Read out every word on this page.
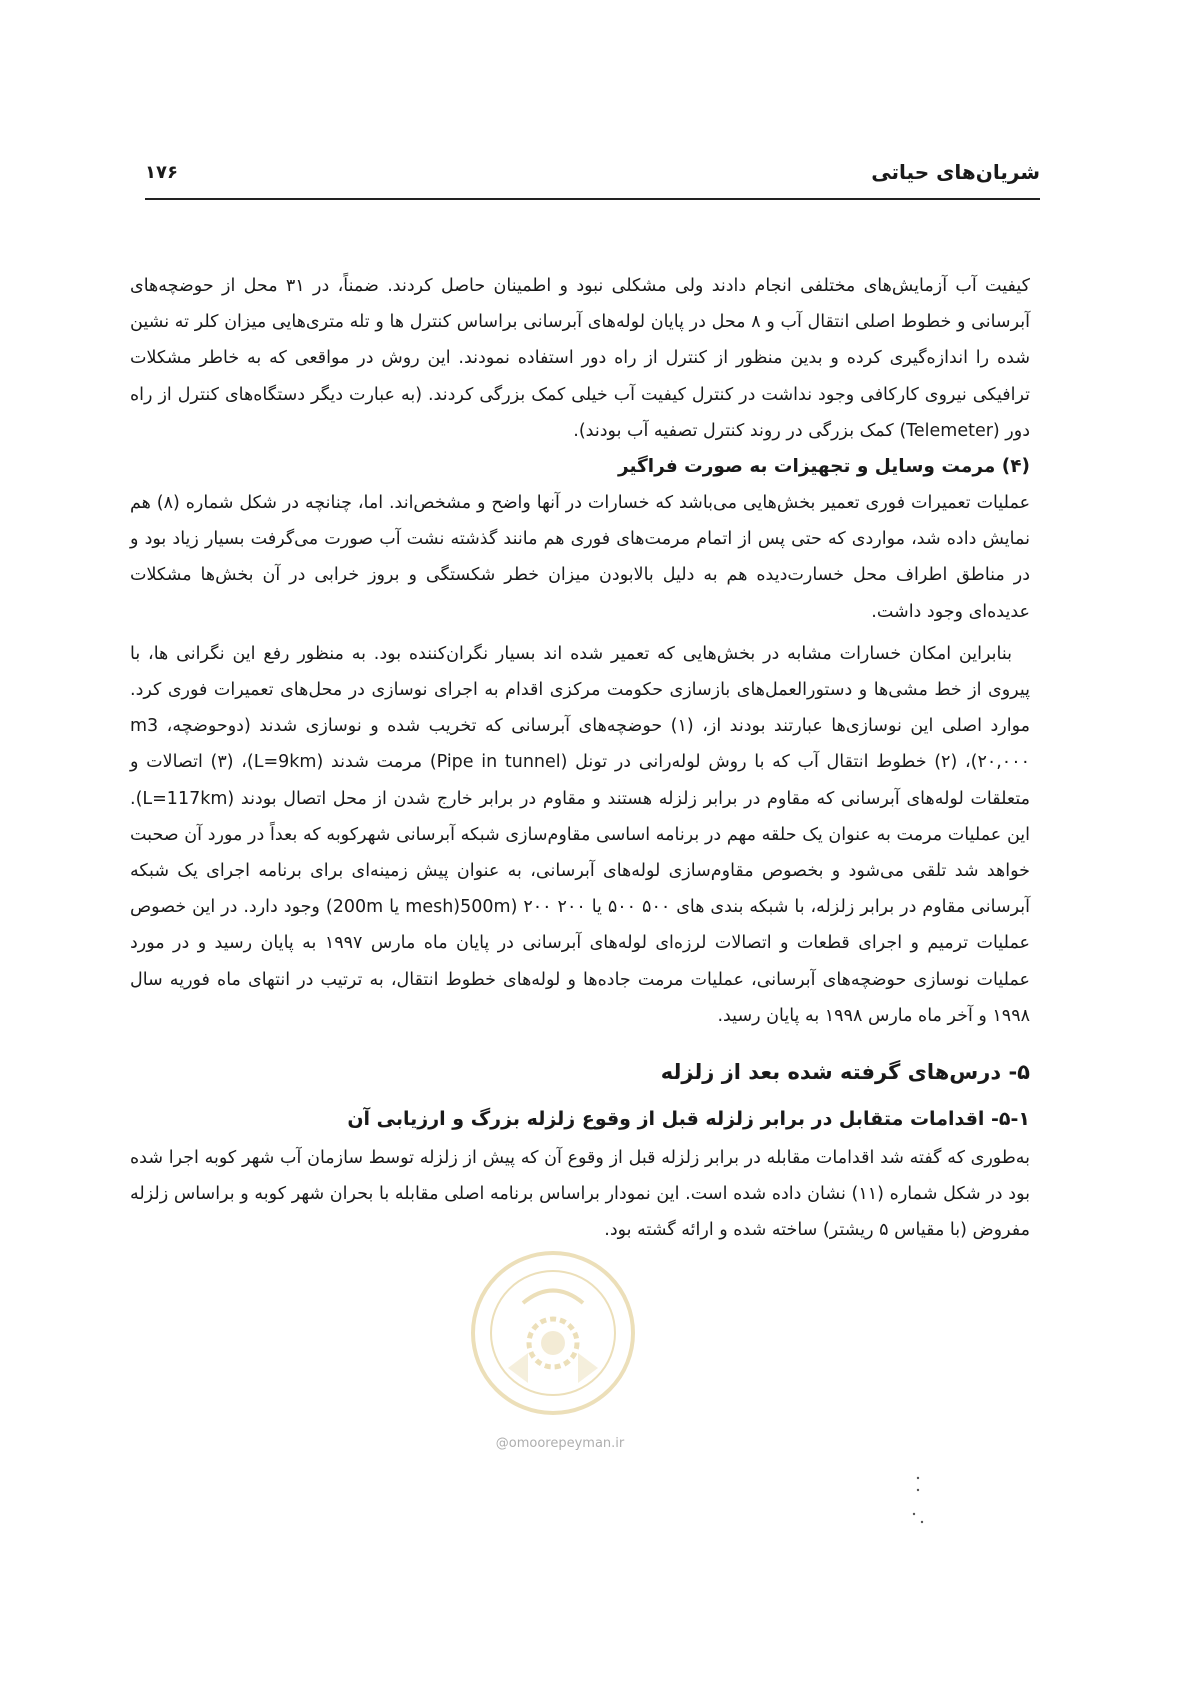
شریان‌های حیاتی
۱۷۶

کیفیت آب آزمایش‌های مختلفی انجام دادند ولی مشکلی نبود و اطمینان حاصل کردند. ضمناً، در ۳۱ محل از حوضچه‌های آبرسانی و خطوط اصلی انتقال آب و ۸ محل در پایان لوله‌های آبرسانی براساس کنترل ها و تله متری‌هایی میزان کلر ته نشین شده را اندازه‌گیری کرده و بدین منظور از کنترل از راه دور استفاده نمودند. این روش در مواقعی که به خاطر مشکلات ترافیکی نیروی کارکافی وجود نداشت در کنترل کیفیت آب خیلی کمک بزرگی کردند. (به عبارت دیگر دستگاه‌های کنترل از راه دور (Telemeter) کمک بزرگی در روند کنترل تصفیه آب بودند).

(۴) مرمت وسایل و تجهیزات به صورت فراگیر

عملیات تعمیرات فوری تعمیر بخش‌هایی می‌باشد که خسارات در آنها واضح و مشخص‌اند. اما، چنانچه در شکل شماره (۸) هم نمایش داده شد، مواردی که حتی پس از اتمام مرمت‌های فوری هم مانند گذشته نشت آب صورت می‌گرفت بسیار زیاد بود و در مناطق اطراف محل خسارت‌دیده هم به دلیل بالابودن میزان خطر شکستگی و بروز خرابی در آن بخش‌ها مشکلات عدیده‌ای وجود داشت.

بنابراین امکان خسارات مشابه در بخش‌هایی که تعمیر شده اند بسیار نگران‌کننده بود. به منظور رفع این نگرانی ها، با پیروی از خط مشی‌ها و دستورالعمل‌های بازسازی حکومت مرکزی اقدام به اجرای نوسازی در محل‌های تعمیرات فوری کرد. موارد اصلی این نوسازی‌ها عبارتند بودند از، (۱) حوضچه‌های آبرسانی که تخریب شده و نوسازی شدند (دوحوضچه، m3 ۲۰,۰۰۰)، (۲) خطوط انتقال آب که با روش لوله‌رانی در تونل (Pipe in tunnel) مرمت شدند (L=9km)، (۳) اتصالات و متعلقات لوله‌های آبرسانی که مقاوم در برابر زلزله هستند و مقاوم در برابر خارج شدن از محل اتصال بودند (L=117km). این عملیات مرمت به عنوان یک حلقه مهم در برنامه اساسی مقاوم‌سازی شبکه آبرسانی شهرکوبه که بعداً در مورد آن صحبت خواهد شد تلقی می‌شود و بخصوص مقاوم‌سازی لوله‌های آبرسانی، به عنوان پیش زمینه‌ای برای برنامه اجرای یک شبکه آبرسانی مقاوم در برابر زلزله، با شبکه بندی های ۵۰۰ ۵۰۰ یا ۲۰۰ ۲۰۰ (500m(mesh یا 200m) وجود دارد. در این خصوص عملیات ترمیم و اجرای قطعات و اتصالات لرزه‌ای لوله‌های آبرسانی در پایان ماه مارس ۱۹۹۷ به پایان رسید و در مورد عملیات نوسازی حوضچه‌های آبرسانی، عملیات مرمت جاده‌ها و لوله‌های خطوط انتقال، به ترتیب در انتهای ماه فوریه سال ۱۹۹۸ و آخر ماه مارس ۱۹۹۸ به پایان رسید.

۵- درس‌های گرفته شده بعد از زلزله

۵-۱- اقدامات متقابل در برابر زلزله قبل از وقوع زلزله بزرگ و ارزیابی آن

به‌طوری که گفته شد اقدامات مقابله در برابر زلزله قبل از وقوع آن که پیش از زلزله توسط سازمان آب شهر کوبه اجرا شده بود در شکل شماره (۱۱) نشان داده شده است. این نمودار براساس برنامه اصلی مقابله با بحران شهر کوبه و براساس زلزله مفروض (با مقیاس ۵ ریشتر) ساخته شده و ارائه گشته بود.

@omoorepeyman.ir
